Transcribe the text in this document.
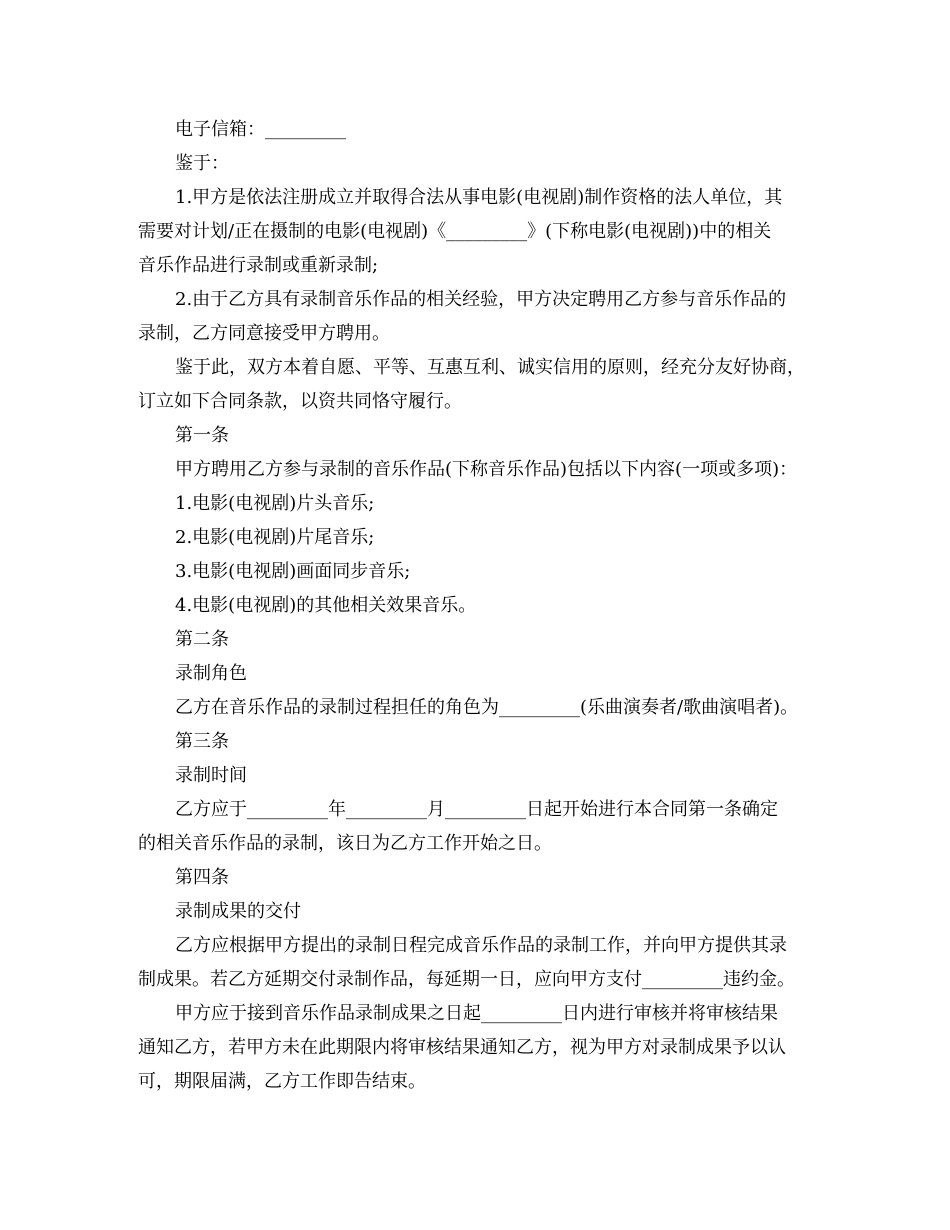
电子信箱：_________
鉴于：
1.甲方是依法注册成立并取得合法从事电影(电视剧)制作资格的法人单位，其
需要对计划/正在摄制的电影(电视剧)《_________》(下称电影(电视剧))中的相关
音乐作品进行录制或重新录制;
2.由于乙方具有录制音乐作品的相关经验，甲方决定聘用乙方参与音乐作品的
录制，乙方同意接受甲方聘用。
鉴于此，双方本着自愿、平等、互惠互利、诚实信用的原则，经充分友好协商，
订立如下合同条款，以资共同恪守履行。
第一条
甲方聘用乙方参与录制的音乐作品(下称音乐作品)包括以下内容(一项或多项)：
1.电影(电视剧)片头音乐;
2.电影(电视剧)片尾音乐;
3.电影(电视剧)画面同步音乐;
4.电影(电视剧)的其他相关效果音乐。
第二条
录制角色
乙方在音乐作品的录制过程担任的角色为_________(乐曲演奏者/歌曲演唱者)。
第三条
录制时间
乙方应于_________年_________月_________日起开始进行本合同第一条确定
的相关音乐作品的录制，该日为乙方工作开始之日。
第四条
录制成果的交付
乙方应根据甲方提出的录制日程完成音乐作品的录制工作，并向甲方提供其录
制成果。若乙方延期交付录制作品，每延期一日，应向甲方支付_________违约金。
甲方应于接到音乐作品录制成果之日起_________日内进行审核并将审核结果
通知乙方，若甲方未在此期限内将审核结果通知乙方，视为甲方对录制成果予以认
可，期限届满，乙方工作即告结束。
